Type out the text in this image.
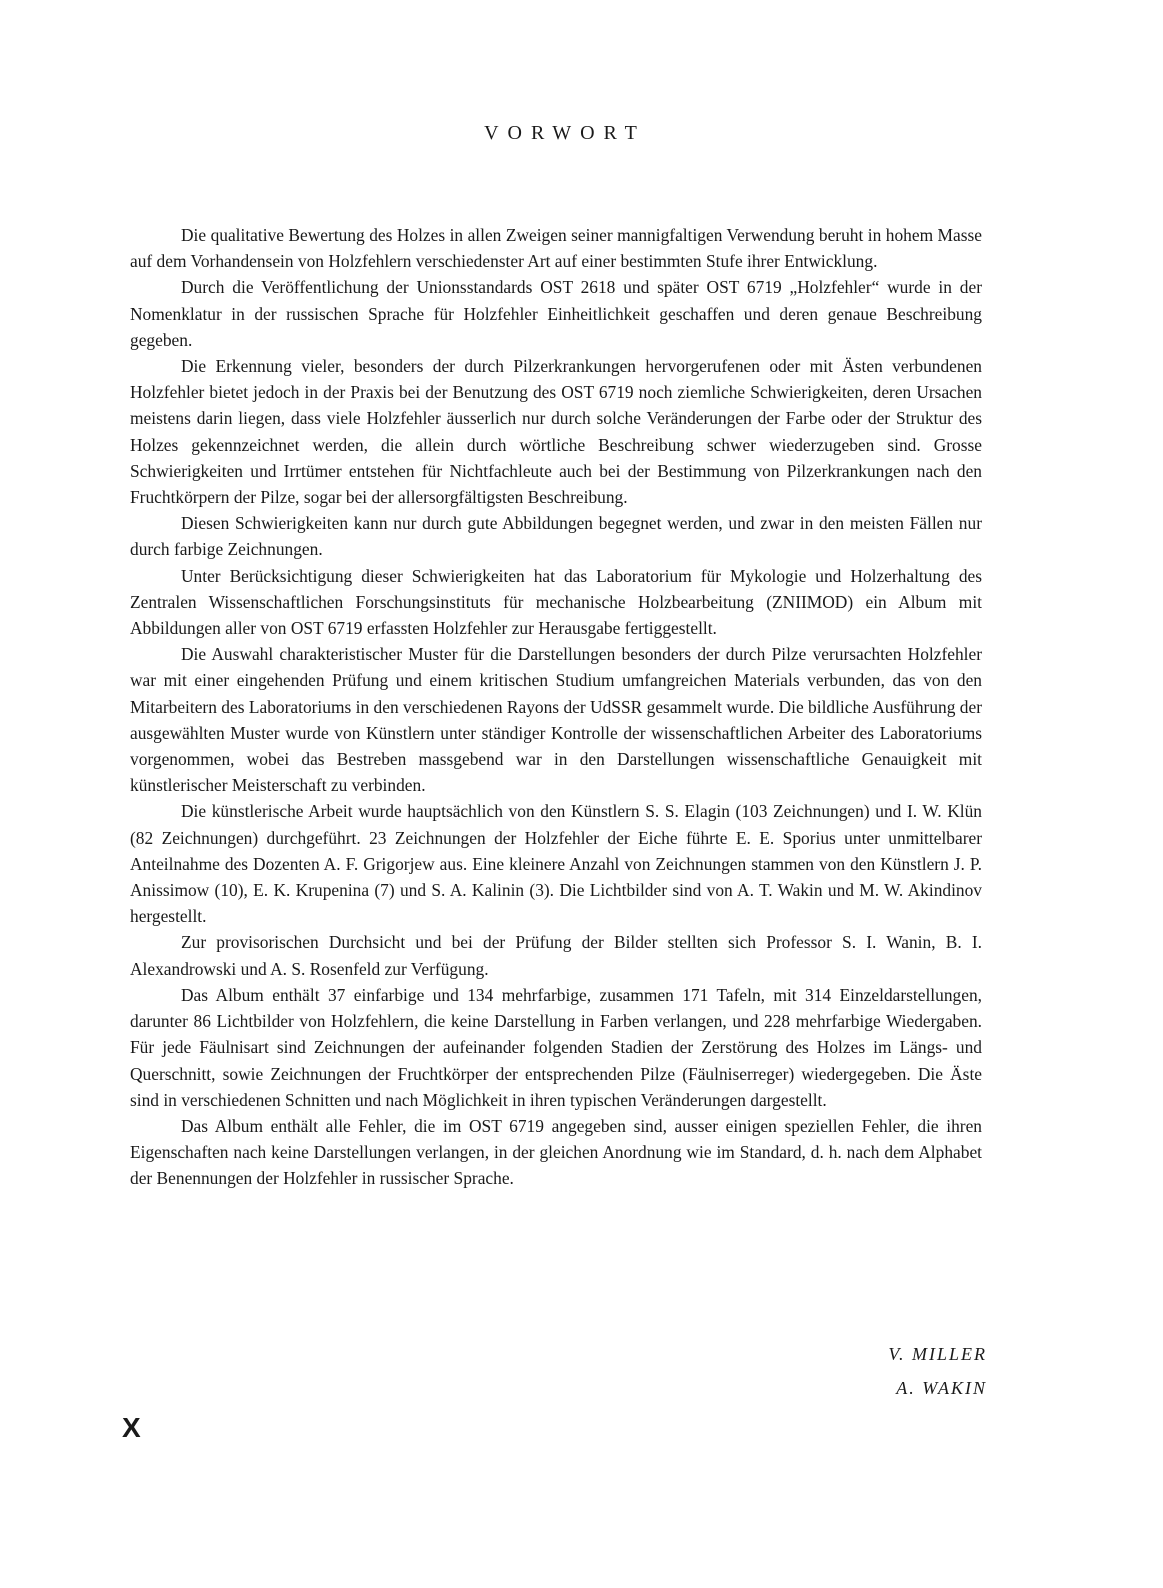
VORWORT

Die qualitative Bewertung des Holzes in allen Zweigen seiner mannigfaltigen Verwendung beruht in hohem Masse auf dem Vorhandensein von Holzfehlern verschiedenster Art auf einer bestimmten Stufe ihrer Entwicklung.

Durch die Veröffentlichung der Unionsstandards OST 2618 und später OST 6719 „Holzfehler“ wurde in der Nomenklatur in der russischen Sprache für Holzfehler Einheitlichkeit geschaffen und deren genaue Beschreibung gegeben.

Die Erkennung vieler, besonders der durch Pilzerkrankungen hervorgerufenen oder mit Ästen verbundenen Holzfehler bietet jedoch in der Praxis bei der Benutzung des OST 6719 noch ziemliche Schwierigkeiten, deren Ursachen meistens darin liegen, dass viele Holzfehler äusserlich nur durch solche Veränderungen der Farbe oder der Struktur des Holzes gekennzeichnet werden, die allein durch wörtliche Beschreibung schwer wiederzugeben sind. Grosse Schwierigkeiten und Irrtümer entstehen für Nichtfachleute auch bei der Bestimmung von Pilzerkrankungen nach den Fruchtkörpern der Pilze, sogar bei der allersorgfältigsten Beschreibung.

Diesen Schwierigkeiten kann nur durch gute Abbildungen begegnet werden, und zwar in den meisten Fällen nur durch farbige Zeichnungen.

Unter Berücksichtigung dieser Schwierigkeiten hat das Laboratorium für Mykologie und Holzerhaltung des Zentralen Wissenschaftlichen Forschungsinstituts für mechanische Holzbearbeitung (ZNIIMOD) ein Album mit Abbildungen aller von OST 6719 erfassten Holzfehler zur Herausgabe fertiggestellt.

Die Auswahl charakteristischer Muster für die Darstellungen besonders der durch Pilze verursachten Holzfehler war mit einer eingehenden Prüfung und einem kritischen Studium umfangreichen Materials verbunden, das von den Mitarbeitern des Laboratoriums in den verschiedenen Rayons der UdSSR gesammelt wurde. Die bildliche Ausführung der ausgewählten Muster wurde von Künstlern unter ständiger Kontrolle der wissenschaftlichen Arbeiter des Laboratoriums vorgenommen, wobei das Bestreben massgebend war in den Darstellungen wissenschaftliche Genauigkeit mit künstlerischer Meisterschaft zu verbinden.

Die künstlerische Arbeit wurde hauptsächlich von den Künstlern S. S. Elagin (103 Zeichnungen) und I. W. Klün (82 Zeichnungen) durchgeführt. 23 Zeichnungen der Holzfehler der Eiche führte E. E. Sporius unter unmittelbarer Anteilnahme des Dozenten A. F. Grigorjew aus. Eine kleinere Anzahl von Zeichnungen stammen von den Künstlern J. P. Anissimow (10), E. K. Krupenina (7) und S. A. Kalinin (3). Die Lichtbilder sind von A. T. Wakin und M. W. Akindinov hergestellt.

Zur provisorischen Durchsicht und bei der Prüfung der Bilder stellten sich Professor S. I. Wanin, B. I. Alexandrowski und A. S. Rosenfeld zur Verfügung.

Das Album enthält 37 einfarbige und 134 mehrfarbige, zusammen 171 Tafeln, mit 314 Einzeldarstellungen, darunter 86 Lichtbilder von Holzfehlern, die keine Darstellung in Farben verlangen, und 228 mehrfarbige Wiedergaben. Für jede Fäulnisart sind Zeichnungen der aufeinander folgenden Stadien der Zerstörung des Holzes im Längs- und Querschnitt, sowie Zeichnungen der Fruchtkörper der entsprechenden Pilze (Fäulniserreger) wiedergegeben. Die Äste sind in verschiedenen Schnitten und nach Möglichkeit in ihren typischen Veränderungen dargestellt.

Das Album enthält alle Fehler, die im OST 6719 angegeben sind, ausser einigen speziellen Fehler, die ihren Eigenschaften nach keine Darstellungen verlangen, in der gleichen Anordnung wie im Standard, d. h. nach dem Alphabet der Benennungen der Holzfehler in russischer Sprache.

V. MILLER
A. WAKIN
X
